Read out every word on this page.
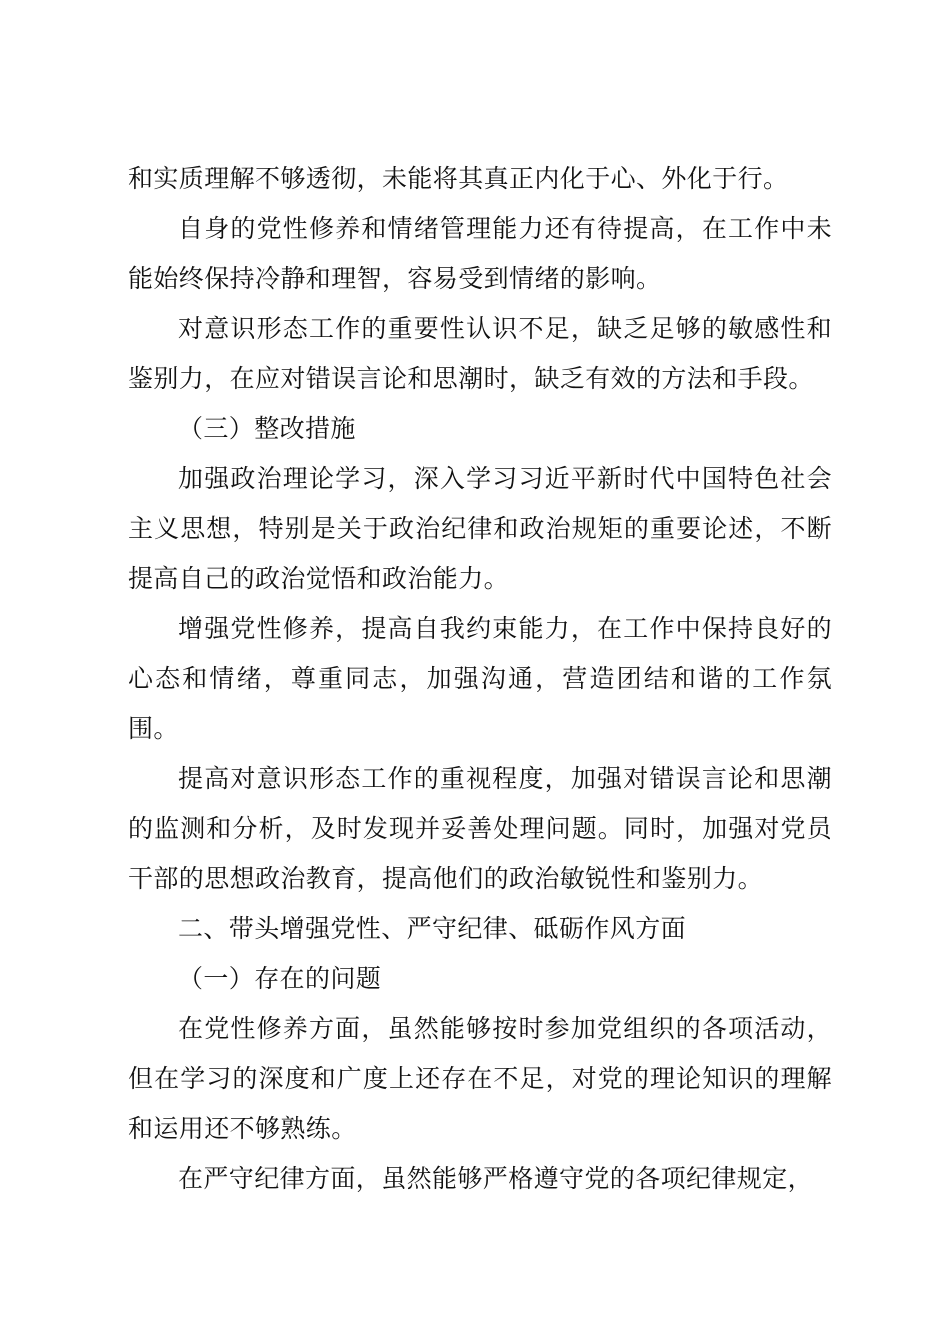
和实质理解不够透彻，未能将其真正内化于心、外化于行。

自身的党性修养和情绪管理能力还有待提高，在工作中未能始终保持冷静和理智，容易受到情绪的影响。

对意识形态工作的重要性认识不足，缺乏足够的敏感性和鉴别力，在应对错误言论和思潮时，缺乏有效的方法和手段。

（三）整改措施

加强政治理论学习，深入学习习近平新时代中国特色社会主义思想，特别是关于政治纪律和政治规矩的重要论述，不断提高自己的政治觉悟和政治能力。

增强党性修养，提高自我约束能力，在工作中保持良好的心态和情绪，尊重同志，加强沟通，营造团结和谐的工作氛围。

提高对意识形态工作的重视程度，加强对错误言论和思潮的监测和分析，及时发现并妥善处理问题。同时，加强对党员干部的思想政治教育，提高他们的政治敏锐性和鉴别力。

二、带头增强党性、严守纪律、砥砺作风方面

（一）存在的问题

在党性修养方面，虽然能够按时参加党组织的各项活动，但在学习的深度和广度上还存在不足，对党的理论知识的理解和运用还不够熟练。

在严守纪律方面，虽然能够严格遵守党的各项纪律规定，
